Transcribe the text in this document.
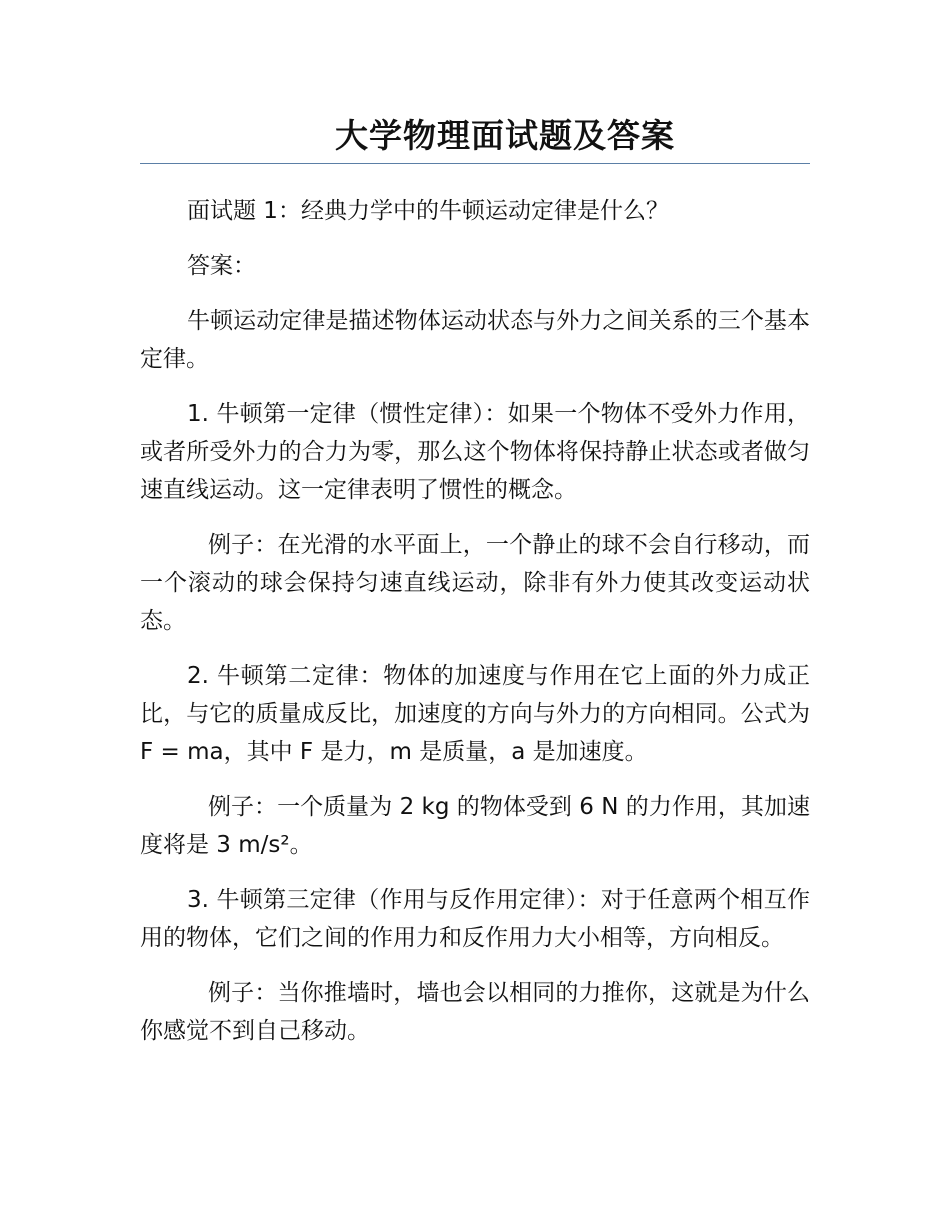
大学物理面试题及答案

面试题 1：经典力学中的牛顿运动定律是什么？

答案：

牛顿运动定律是描述物体运动状态与外力之间关系的三个基本定律。

1. 牛顿第一定律（惯性定律）：如果一个物体不受外力作用，或者所受外力的合力为零，那么这个物体将保持静止状态或者做匀速直线运动。这一定律表明了惯性的概念。

例子：在光滑的水平面上，一个静止的球不会自行移动，而一个滚动的球会保持匀速直线运动，除非有外力使其改变运动状态。

2. 牛顿第二定律：物体的加速度与作用在它上面的外力成正比，与它的质量成反比，加速度的方向与外力的方向相同。公式为 F = ma，其中 F 是力，m 是质量，a 是加速度。

例子：一个质量为 2 kg 的物体受到 6 N 的力作用，其加速度将是 3 m/s²。

3. 牛顿第三定律（作用与反作用定律）：对于任意两个相互作用的物体，它们之间的作用力和反作用力大小相等，方向相反。

例子：当你推墙时，墙也会以相同的力推你，这就是为什么你感觉不到自己移动。
